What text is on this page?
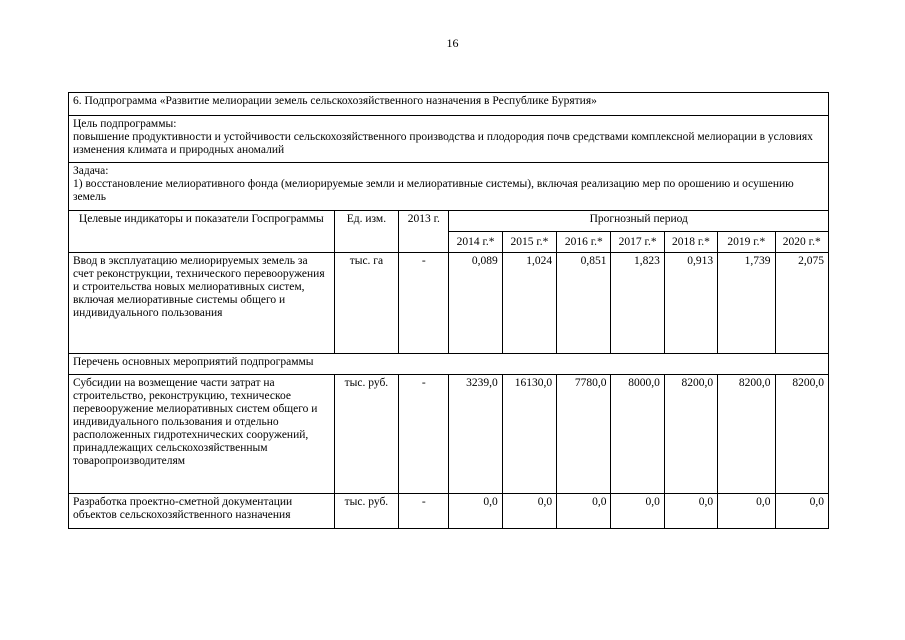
16
6. Подпрограмма «Развитие мелиорации земель сельскохозяйственного назначения в Республике Бурятия»									

Цель подпрограммы:
повышение продуктивности и устойчивости сельскохозяйственного производства и плодородия почв средствами комплексной мелиорации в условиях изменения климата и природных аномалий									

Задача:
1) восстановление мелиоративного фонда (мелиорируемые земли и мелиоративные системы), включая реализацию мер по орошению и осушению земель									

Целевые индикаторы и показатели Госпрограммы	Ед. изм.	2013 г.	Прогнозный период						
			2014 г.*	2015 г.*	2016 г.*	2017 г.*	2018 г.*	2019 г.*	2020 г.*
Ввод в эксплуатацию мелиорируемых земель за счет реконструкции, технического перевооружения и строительства новых мелиоративных систем, включая мелиоративные системы общего и индивидуального пользования	тыс. га	-	0,089	1,024	0,851	1,823	0,913	1,739	2,075
Перечень основных мероприятий подпрограммы									
Субсидии на возмещение части затрат на строительство, реконструкцию, техническое перевооружение мелиоративных систем общего и индивидуального пользования и отдельно расположенных гидротехнических сооружений, принадлежащих сельскохозяйственным товаропроизводителям	тыс. руб.	-	3239,0	16130,0	7780,0	8000,0	8200,0	8200,0	8200,0
Разработка проектно-сметной документации объектов сельскохозяйственного назначения	тыс. руб.	-	0,0	0,0	0,0	0,0	0,0	0,0	0,0
